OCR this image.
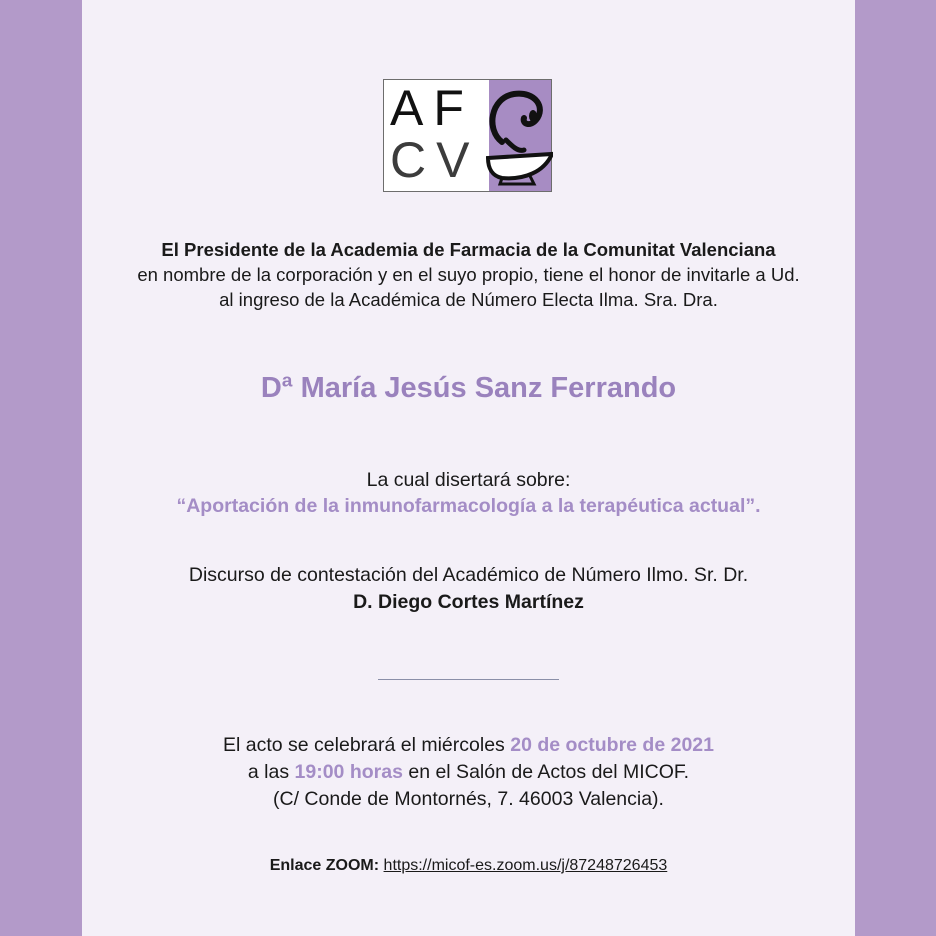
AF
CV
El Presidente de la Academia de Farmacia de la Comunitat Valenciana
en nombre de la corporación y en el suyo propio, tiene el honor de invitarle a Ud.
al ingreso de la Académica de Número Electa Ilma. Sra. Dra.
Dª María Jesús Sanz Ferrando
La cual disertará sobre:
“Aportación de la inmunofarmacología a la terapéutica actual”.
Discurso de contestación del Académico de Número Ilmo. Sr. Dr.
D. Diego Cortes Martínez
El acto se celebrará el miércoles 20 de octubre de 2021
a las 19:00 horas en el Salón de Actos del MICOF.
(C/ Conde de Montornés, 7. 46003 Valencia).
Enlace ZOOM: https://micof-es.zoom.us/j/87248726453
